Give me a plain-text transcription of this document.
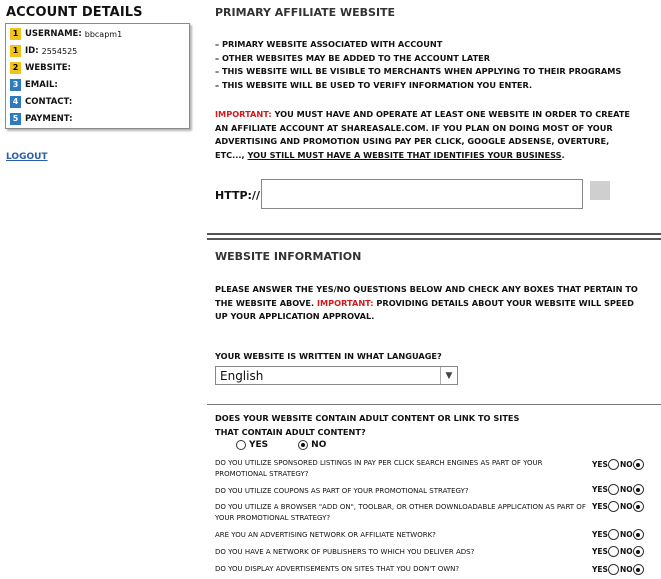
ACCOUNT DETAILS
1 USERNAME: bbcapm1
1 ID: 2554525
2 WEBSITE:
3 EMAIL:
4 CONTACT:
5 PAYMENT:
LOGOUT
PRIMARY AFFILIATE WEBSITE
– PRIMARY WEBSITE ASSOCIATED WITH ACCOUNT
– OTHER WEBSITES MAY BE ADDED TO THE ACCOUNT LATER
– THIS WEBSITE WILL BE VISIBLE TO MERCHANTS WHEN APPLYING TO THEIR PROGRAMS
– THIS WEBSITE WILL BE USED TO VERIFY INFORMATION YOU ENTER.
IMPORTANT: YOU MUST HAVE AND OPERATE AT LEAST ONE WEBSITE IN ORDER TO CREATE AN AFFILIATE ACCOUNT AT SHAREASALE.COM. IF YOU PLAN ON DOING MOST OF YOUR ADVERTISING AND PROMOTION USING PAY PER CLICK, GOOGLE ADSENSE, OVERTURE, ETC..., YOU STILL MUST HAVE A WEBSITE THAT IDENTIFIES YOUR BUSINESS.
HTTP://
WEBSITE INFORMATION
PLEASE ANSWER THE YES/NO QUESTIONS BELOW AND CHECK ANY BOXES THAT PERTAIN TO THE WEBSITE ABOVE. IMPORTANT: PROVIDING DETAILS ABOUT YOUR WEBSITE WILL SPEED UP YOUR APPLICATION APPROVAL.
YOUR WEBSITE IS WRITTEN IN WHAT LANGUAGE?
English	▼
DOES YOUR WEBSITE CONTAIN ADULT CONTENT OR LINK TO SITES THAT CONTAIN ADULT CONTENT?
YES	NO
DO YOU UTILIZE SPONSORED LISTINGS IN PAY PER CLICK SEARCH ENGINES AS PART OF YOUR PROMOTIONAL STRATEGY?
YES NO
DO YOU UTILIZE COUPONS AS PART OF YOUR PROMOTIONAL STRATEGY?	YES NO
DO YOU UTILIZE A BROWSER "ADD ON", TOOLBAR, OR OTHER DOWNLOADABLE APPLICATION AS PART OF YOUR PROMOTIONAL STRATEGY?
YES NO
ARE YOU AN ADVERTISING NETWORK OR AFFILIATE NETWORK?	YES NO
DO YOU HAVE A NETWORK OF PUBLISHERS TO WHICH YOU DELIVER ADS?	YES NO
DO YOU DISPLAY ADVERTISEMENTS ON SITES THAT YOU DON'T OWN?	YES NO
